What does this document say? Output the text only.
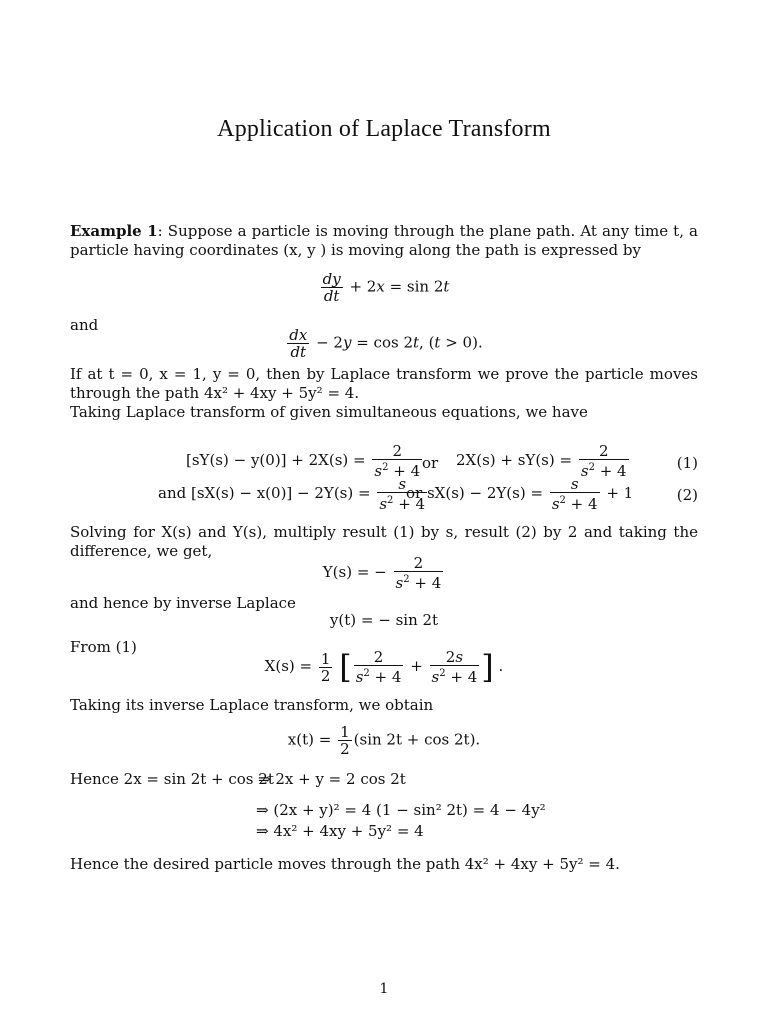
Application of Laplace Transform
Example 1: Suppose a particle is moving through the plane path. At any time t, a particle having coordinates (x, y ) is moving along the path is expressed by
$\frac{dy}{dt} + 2x = \sin 2t$
and
$\frac{dx}{dt} - 2y = \cos 2t$, (t > 0).
If at t = 0, x = 1, y = 0, then by Laplace transform we prove the particle moves through the path 4x² + 4xy + 5y² = 4.
Taking Laplace transform of given simultaneous equations, we have
$[sY(s) - y(0)] + 2X(s) = \frac{2}{s^2 + 4}$ or $2X(s) + sY(s) = \frac{2}{s^2 + 4}$	(1)
and $[sX(s) - x(0)] - 2Y(s) = \frac{s}{s^2 + 4}$
or $sX(s) - 2Y(s) = \frac{s}{s^2 + 4} + 1$	(2)
Solving for X(s) and Y(s), multiply result (1) by s, result (2) by 2 and taking the difference, we get,
Y(s) = − $\frac{2}{s^2 + 4}$
and hence by inverse Laplace
y(t) = − sin 2t
From (1)
$X(s) = \frac{1}{2}$ [ $\frac{2}{s^2 + 4} + \frac{2s}{s^2 + 4}$ ] .
Taking its inverse Laplace transform, we obtain
$x(t) = \frac{1}{2} (\sin$ 2t + cos 2t).
Hence 2x = sin 2t + cos 2t
⇒ 2x + y = 2 cos 2t
⇒ (2x + y)² = 4 (1 − sin² 2t) = 4 − 4y²
⇒ 4x² + 4xy + 5y² = 4
Hence the desired particle moves through the path 4x² + 4xy + 5y² = 4.
1
